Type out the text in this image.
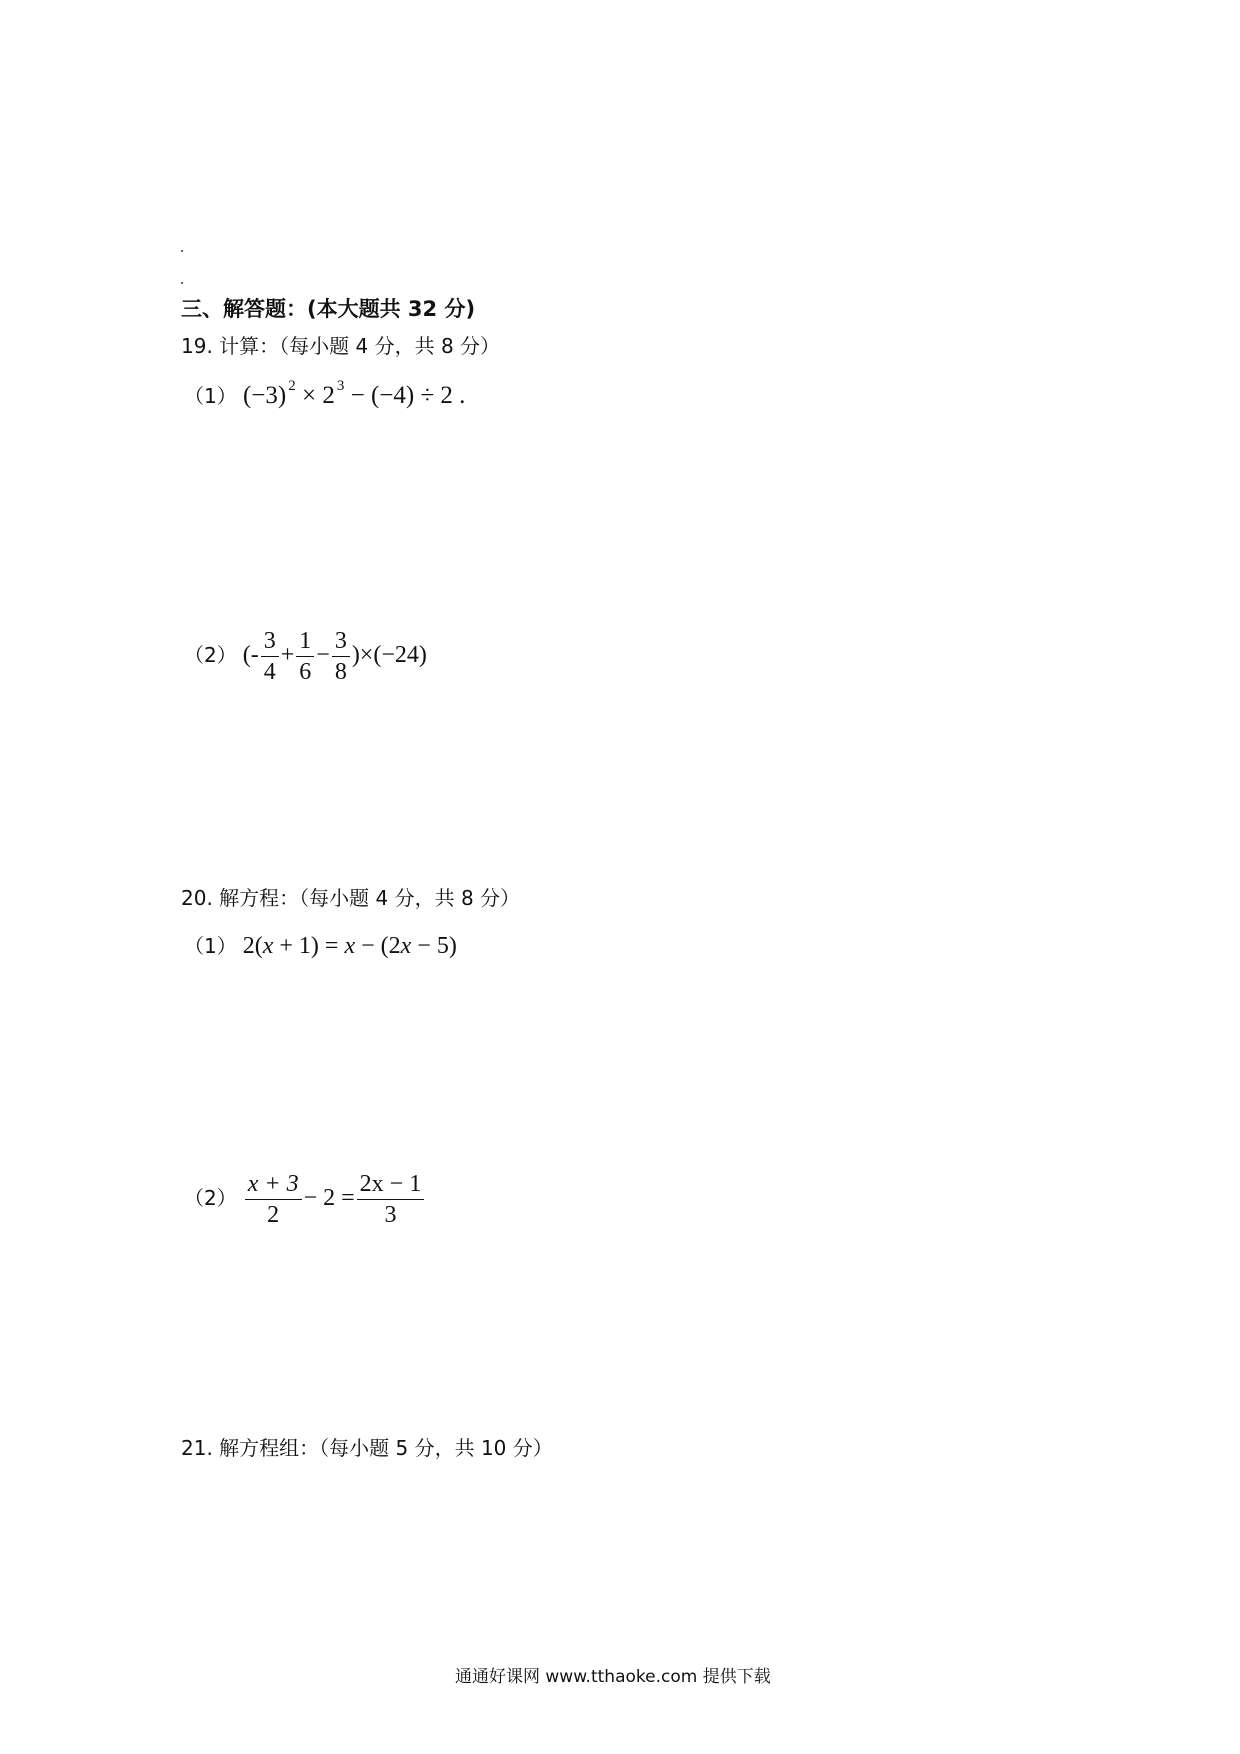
三、解答题：(本大题共 32 分)
19. 计算：（每小题 4 分，共 8 分）
（1） (−3) $^2$ × 2 $^3$ − (−4) ÷ 2 .
（2） (- $\frac{3}{4} + \frac{1}{6} - \frac{3}{8} )\times(-24)$
20. 解方程：（每小题 4 分，共 8 分）
（1） 2(x + 1) = x − (2x − 5)
$(2) \frac{x + 3}{2} - 2 = \frac{2x - 1}{3}$
21. 解方程组：（每小题 5 分，共 10 分）
通通好课网 www.tthaoke.com 提供下载
